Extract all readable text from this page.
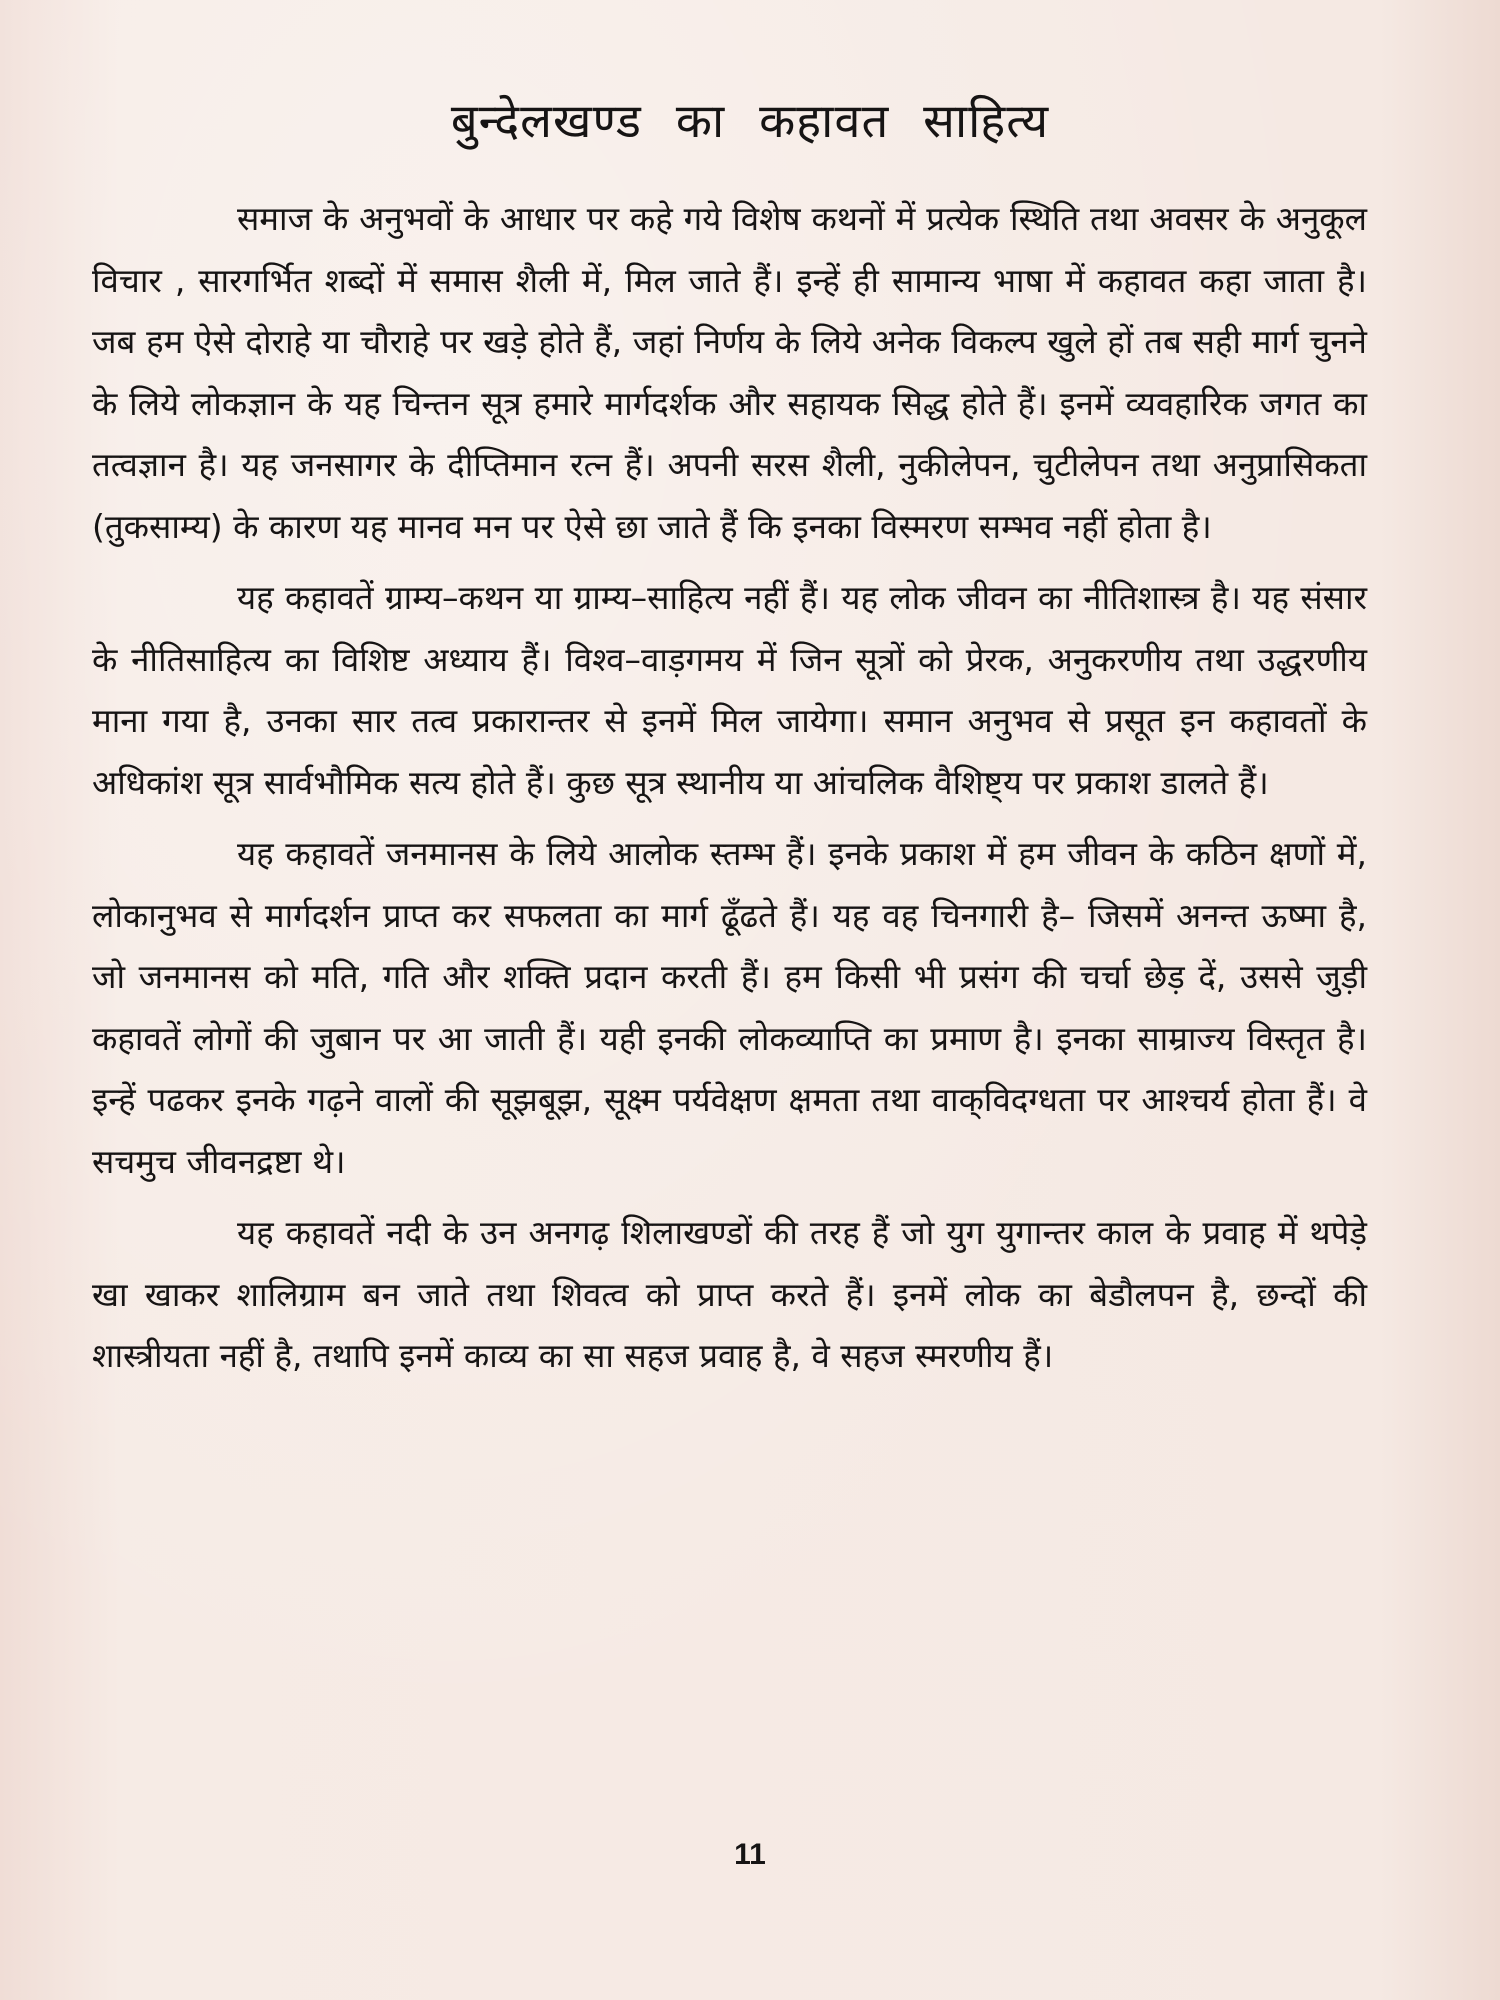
बुन्देलखण्ड का कहावत साहित्य

समाज के अनुभवों के आधार पर कहे गये विशेष कथनों में प्रत्येक स्थिति तथा अवसर के अनुकूल विचार , सारगर्भित शब्दों में समास शैली में, मिल जाते हैं। इन्हें ही सामान्य भाषा में कहावत कहा जाता है। जब हम ऐसे दोराहे या चौराहे पर खड़े होते हैं, जहां निर्णय के लिये अनेक विकल्प खुले हों तब सही मार्ग चुनने के लिये लोकज्ञान के यह चिन्तन सूत्र हमारे मार्गदर्शक और सहायक सिद्ध होते हैं। इनमें व्यवहारिक जगत का तत्वज्ञान है। यह जनसागर के दीप्तिमान रत्न हैं। अपनी सरस शैली, नुकीलेपन, चुटीलेपन तथा अनुप्रासिकता (तुकसाम्य) के कारण यह मानव मन पर ऐसे छा जाते हैं कि इनका विस्मरण सम्भव नहीं होता है।

यह कहावतें ग्राम्य–कथन या ग्राम्य–साहित्य नहीं हैं। यह लोक जीवन का नीतिशास्त्र है। यह संसार के नीतिसाहित्य का विशिष्ट अध्याय हैं। विश्व–वाड़गमय में जिन सूत्रों को प्रेरक, अनुकरणीय तथा उद्धरणीय माना गया है, उनका सार तत्व प्रकारान्तर से इनमें मिल जायेगा। समान अनुभव से प्रसूत इन कहावतों के अधिकांश सूत्र सार्वभौमिक सत्य होते हैं। कुछ सूत्र स्थानीय या आंचलिक वैशिष्ट्य पर प्रकाश डालते हैं।

यह कहावतें जनमानस के लिये आलोक स्तम्भ हैं। इनके प्रकाश में हम जीवन के कठिन क्षणों में, लोकानुभव से मार्गदर्शन प्राप्त कर सफलता का मार्ग ढूँढते हैं। यह वह चिनगारी है– जिसमें अनन्त ऊष्मा है, जो जनमानस को मति, गति और शक्ति प्रदान करती हैं। हम किसी भी प्रसंग की चर्चा छेड़ दें, उससे जुड़ी कहावतें लोगों की जुबान पर आ जाती हैं। यही इनकी लोकव्याप्ति का प्रमाण है। इनका साम्राज्य विस्तृत है। इन्हें पढकर इनके गढ़ने वालों की सूझबूझ, सूक्ष्म पर्यवेक्षण क्षमता तथा वाक्‌विदग्धता पर आश्चर्य होता हैं। वे सचमुच जीवनद्रष्टा थे।

यह कहावतें नदी के उन अनगढ़ शिलाखण्डों की तरह हैं जो युग युगान्तर काल के प्रवाह में थपेड़े खा खाकर शालिग्राम बन जाते तथा शिवत्व को प्राप्त करते हैं। इनमें लोक का बेडौलपन है, छन्दों की शास्त्रीयता नहीं है, तथापि इनमें काव्य का सा सहज प्रवाह है, वे सहज स्मरणीय हैं।

11
